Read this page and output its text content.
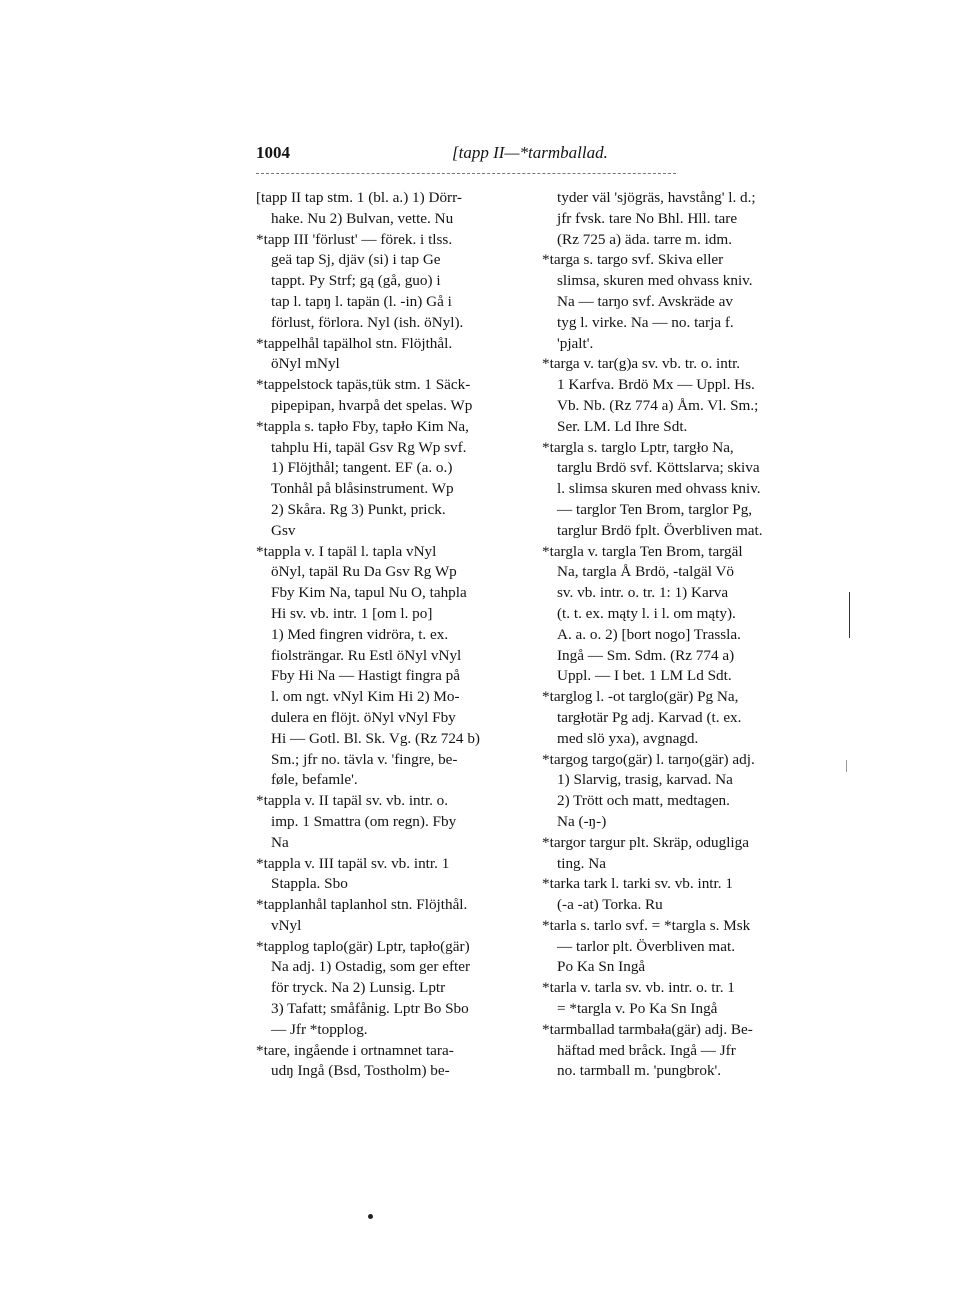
1004	[tapp II—*tarmballad.
[tapp II tap stm. 1 (bl. a.) 1) Dörr-
hake. Nu 2) Bulvan, vette. Nu
*tapp III 'förlust' — förek. i tlss.
geä tap Sj, djäv (si) i tap Ge
tappt. Py Strf; gą (gå, guo) i
tap l. tapŋ l. tapän (l. -in) Gå i
förlust, förlora. Nyl (ish. öNyl).
*tappelhål tapälhol stn. Flöjthål.
öNyl mNyl
*tappelstock tapäs,tük stm. 1 Säck-
pipepipan, hvarpå det spelas. Wp
*tappla s. tapło Fby, tapło Kim Na,
tahplu Hi, tapäl Gsv Rg Wp svf.
1) Flöjthål; tangent. EF (a. o.)
Tonhål på blåsinstrument. Wp
2) Skåra. Rg 3) Punkt, prick.
Gsv
*tappla v. I tapäl l. tapla vNyl
öNyl, tapäl Ru Da Gsv Rg Wp
Fby Kim Na, tapul Nu O, tahpla
Hi sv. vb. intr. 1 [om l. po]
1) Med fingren vidröra, t. ex.
fiolsträngar. Ru Estl öNyl vNyl
Fby Hi Na — Hastigt fingra på
l. om ngt. vNyl Kim Hi 2) Mo-
dulera en flöjt. öNyl vNyl Fby
Hi — Gotl. Bl. Sk. Vg. (Rz 724 b)
Sm.; jfr no. tävla v. 'fingre, be-
føle, befamle'.
*tappla v. II tapäl sv. vb. intr. o.
imp. 1 Smattra (om regn). Fby
Na
*tappla v. III tapäl sv. vb. intr. 1
Stappla. Sbo
*tapplanhål taplanhol stn. Flöjthål.
vNyl
*tapplog taplo(gär) Lptr, tapło(gär)
Na adj. 1) Ostadig, som ger efter
för tryck. Na 2) Lunsig. Lptr
3) Tafatt; småfånig. Lptr Bo Sbo
— Jfr *topplog.
*tare, ingående i ortnamnet tara-
udŋ Ingå (Bsd, Tostholm) be-
tyder väl 'sjögräs, havstång' l. d.;
jfr fvsk. tare No Bhl. Hll. tare
(Rz 725 a) äda. tarre m. idm.
*targa s. targo svf. Skiva eller
slimsa, skuren med ohvass kniv.
Na — tarŋo svf. Avskräde av
tyg l. virke. Na — no. tarja f.
'pjalt'.
*targa v. tar(g)a sv. vb. tr. o. intr.
1 Karfva. Brdö Mx — Uppl. Hs.
Vb. Nb. (Rz 774 a) Åm. Vl. Sm.;
Ser. LM. Ld Ihre Sdt.
*targla s. targlo Lptr, targło Na,
targlu Brdö svf. Köttslarva; skiva
l. slimsa skuren med ohvass kniv.
— targlor Ten Brom, targlor Pg,
targlur Brdö fplt. Överbliven mat.
*targla v. targla Ten Brom, targäl
Na, targla Å Brdö, -talgäl Vö
sv. vb. intr. o. tr. 1: 1) Karva
(t. t. ex. mąty l. i l. om mąty).
A. a. o. 2) [bort nogo] Trassla.
Ingå — Sm. Sdm. (Rz 774 a)
Uppl. — I bet. 1 LM Ld Sdt.
*targlog l. -ot targlo(gär) Pg Na,
targłotär Pg adj. Karvad (t. ex.
med slö yxa), avgnagd.
*targog targo(gär) l. tarŋo(gär) adj.
1) Slarvig, trasig, karvad. Na
2) Trött och matt, medtagen.
Na (-ŋ-)
*targor targur plt. Skräp, odugliga
ting. Na
*tarka tark l. tarki sv. vb. intr. 1
(-a -at) Torka. Ru
*tarla s. tarlo svf. = *targla s. Msk
— tarlor plt. Överbliven mat.
Po Ka Sn Ingå
*tarla v. tarla sv. vb. intr. o. tr. 1
= *targla v. Po Ka Sn Ingå
*tarmballad tarmbała(gär) adj. Be-
häftad med bråck. Ingå — Jfr
no. tarmball m. 'pungbrok'.
